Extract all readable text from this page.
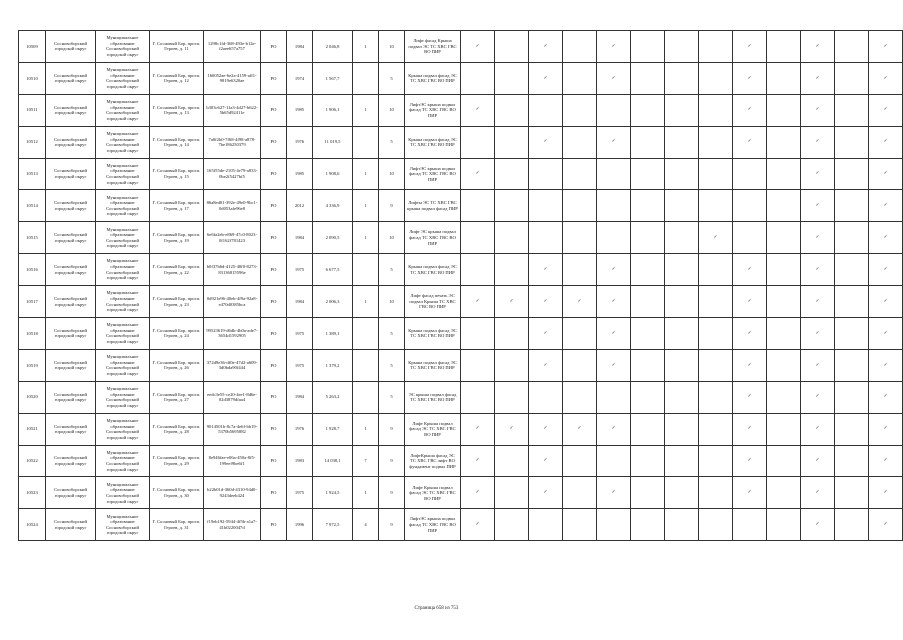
10509	Сосновоборский городской округ	Муниципальное образование Сосновоборский городской округ	Г. Сосновый Бор, просп. Героев, д. 11	1298c1fd-368-493e-b12e-f2aee657a757	РО	1984	2 046,8	1	10	Лифт фасад Крыша подвал ЭС ТС ХВС ГВС ВО ПИР	✓		✓		✓				✓		✓		✓
10510	Сосновоборский городской округ	Муниципальное образование Сосновоборский городской округ	Г. Сосновый Бор, просп. Героев, д. 12	160052ae-6e2a-4159-aff1-9819e6320ae	РО	1974	1 567,7		5	Крыша подвал фасад ЭС ТС ХВС ГВС ВО ПИР			✓		✓				✓		✓		✓
10511	Сосновоборский городской округ	Муниципальное образование Сосновоборский городской округ	Г. Сосновый Бор, просп. Героев, д. 13	b303c627-11a3-4d27-b622-5b65d92411e	РО	1985	1 906,1	1	10	ЛифтЭС крыша подвал фасад ТС ХВС ГВС ВО ПИР	✓								✓		✓		✓
10512	Сосновоборский городской округ	Муниципальное образование Сосновоборский городской округ	Г. Сосновый Бор, просп. Героев, д. 14	7a0f2b0-7f68-4f98-a878-7be186250379	РО	1976	11 019,5		5	Крыша подвал фасад ЭС ТС ХВС ГВС ВО ПИР			✓		✓				✓		✓		✓
10513	Сосновоборский городской округ	Муниципальное образование Сосновоборский городской округ	Г. Сосновый Бор, просп. Героев, д. 15	165f55de-2105-4e79-a833-0be2f5427bf5	РО	1985	1 908,6	1	10	ЛифтЭС крыша подвал фасад ТС ХВС ГВС ВО ПИР	✓										✓		✓
10514	Сосновоборский городской округ	Муниципальное образование Сосновоборский городской округ	Г. Сосновый Бор, просп. Героев, д. 17	86a8ed01-392e-49e0-9bc1-0d053afe96e8	РО	2012	4 336,9	1	9	Лифты ЭС ТС ХВС ГВС крыша подвал фасад ПИР											✓		✓
10515	Сосновоборский городской округ	Муниципальное образование Сосновоборский городской округ	Г. Сосновый Бор, просп. Героев, д. 19	6e6fa2eb-e869-47c0-8023-0f162f781423	РО	1984	2 090,5	1	10	Лифт ЭС крыша подвал фасад ТС ХВС ГВС ВО ПИР								✓			✓		✓
10516	Сосновоборский городской округ	Муниципальное образование Сосновоборский городской округ	Г. Сосновый Бор, просп. Героев, д. 22	b0f37b6d-4125-40f0-8273-83136815596e	РО	1975	6 677,5		5	Крыша подвал фасад ЭС ТС ХВС ГВС ВО ПИР			✓		✓				✓		✓		✓
10517	Сосновоборский городской округ	Муниципальное образование Сосновоборский городской округ	Г. Сосновый Бор, просп. Героев, д. 23	0d921e96-40eb-4f9a-92a8-e470d0385bca	РО	1984	2 006,3	1	10	Лифт фасад печать ЭС подвал Крыша ТС ХВС ГВС ВО ПИР	✓	✓	✓	✓	✓				✓		✓		✓
10518	Сосновоборский городской округ	Муниципальное образование Сосновоборский городской округ	Г. Сосновый Бор, просп. Героев, д. 24	99523619-d6db-4b0a-ade7-3654d1592905	РО	1975	1 389,1		5	Крыша подвал фасад ЭС ТС ХВС ГВС ВО ПИР			✓		✓				✓		✓		✓
10519	Сосновоборский городской округ	Муниципальное образование Сосновоборский городской округ	Г. Сосновый Бор, просп. Героев, д. 26	372d9e36-df0e-47d2-a609-3d0bda90f444	РО	1975	1 379,2		5	Крыша подвал фасад ЭС ТС ХВС ГВС ВО ПИР			✓		✓				✓		✓		✓
10520	Сосновоборский городской округ	Муниципальное образование Сосновоборский городской округ	Г. Сосновый Бор, просп. Героев, д. 27	eedc3e55-ce20-4ee1-8d6e-02d3879dfaa4	РО	1984	5 263,2		5	ЭС крыша подвал фасад ТС ХВС ГВС ВО ПИР									✓		✓		✓
10521	Сосновоборский городской округ	Муниципальное образование Сосновоборский городской округ	Г. Сосновый Бор, просп. Героев, д. 28	9014501b-8c7a-4e6f-bb19-5370b5695882	РО	1976	1 928,7	1	9	Лифт Крыша подвал фасад ЭС ТС ХВС ГВС ВО ПИР	✓	✓	✓	✓	✓				✓		✓		✓
10522	Сосновоборский городской округ	Муниципальное образование Сосновоборский городской округ	Г. Сосновый Бор, просп. Героев, д. 29	8e946fae-e06a-450a-8f5-199eef9be6f1	РО	1983	14 038,1	7	9	ЛифтКрыша фасад ЭС ТС ХВС ГВС лифт ВО фундамент подвал ПИР	✓		✓						✓		✓		✓
10523	Сосновоборский городской округ	Муниципальное образование Сосновоборский городской округ	Г. Сосновый Бор, просп. Героев, д. 30	b22b01d-360d-4310-94d0-9243deeb424	РО	1975	1 924,5	1	9	Лифт Крыша подвал фасад ЭС ТС ХВС ГВС ВО ПИР	✓		✓		✓				✓		✓		✓
10524	Сосновоборский городской округ	Муниципальное образование Сосновоборский городской округ	Г. Сосновый Бор, просп. Героев, д. 31	f19eb192-5944-4f5b-a1a7-41b0220047d	РО	1996	7 972,5	4	9	ЛифтЭС крыша подвал фасад ТС ХВС ГВС ВО ПИР	✓										✓		✓
Страница 658 из 753
